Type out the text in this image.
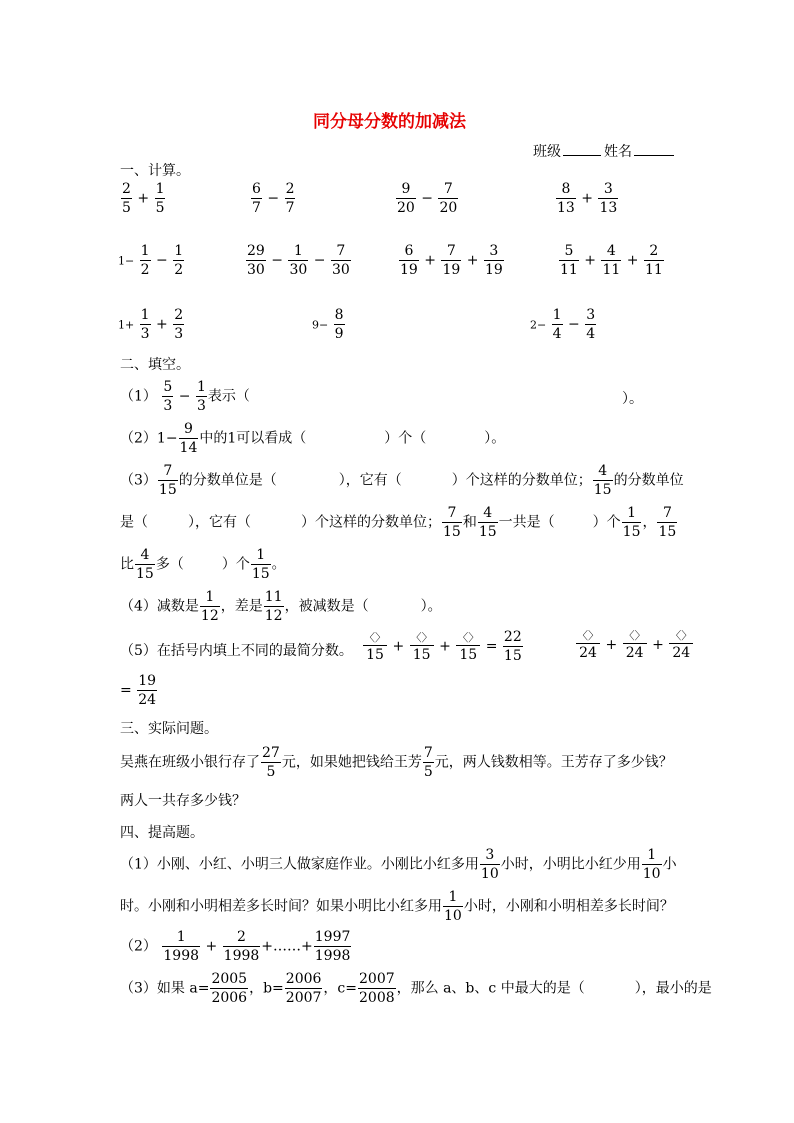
同分母分数的加减法
班级	姓名
一、计算。
$\frac{2}{5} + \frac{1}{5}$	$\frac{6}{7} - \frac{2}{7}$	$\frac{9}{20} - \frac{7}{20}$	$\frac{8}{13} + \frac{3}{13}$
$1- \frac{1}{2} - \frac{1}{2}$	$\frac{29}{30} - \frac{1}{30} - \frac{7}{30}$	$\frac{6}{19} + \frac{7}{19} + \frac{3}{19}$	$\frac{5}{11} + \frac{4}{11} + \frac{2}{11}$
$1+ \frac{1}{3} + \frac{2}{3}$	$9- \frac{8}{9}$	$2- \frac{1}{4} - \frac{3}{4}$
二、填空。
$(1) \frac{5}{3} - \frac{1}{3}$ 表示（	）。
$(2)1- \frac{9}{14}$ 中的1可以看成（	）个（	）。
$(3) \frac{7}{15}$ 的分数单位是（	），它有（	）个这样的分数单位； $\frac{4}{15}$ 的分数单位
是（	），它有（	）个这样的分数单位； $\frac{7}{15}$ 和 $\frac{4}{15}$ 一共是（	）个 $\frac{1}{15}$ ， $\frac{7}{15}$
比 $\frac{4}{15}$ 多（	）个 $\frac{1}{15}$ 。
（4）减数是 $\frac{1}{12}$ ，差是 $\frac{11}{12}$ ，被减数是（	）。
（5）在括号内填上不同的最简分数。 $\frac{〈〉}{15} + \frac{〈〉}{15} + \frac{〈〉}{15} = \frac{22}{15}$	$\frac{〈〉}{24} + \frac{〈〉}{24} + \frac{〈〉}{24}$
= $\frac{19}{24}$
三、实际问题。
吴燕在班级小银行存了 $\frac{27}{5}$ 元，如果她把钱给王芳 $\frac{7}{5}$ 元，两人钱数相等。王芳存了多少钱？
两人一共存多少钱？
四、提高题。
（1）小刚、小红、小明三人做家庭作业。小刚比小红多用 $\frac{3}{10}$ 小时，小明比小红少用 $\frac{1}{10}$ 小
时。小刚和小明相差多长时间？如果小明比小红多用 $\frac{1}{10}$ 小时，小刚和小明相差多长时间？
$(2) \frac{1}{1998} + \frac{2}{1998}$ +……+ $\frac{1997}{1998}$
（3）如果 $a= \frac{2005}{2006}$ ，$b= \frac{2006}{2007}$ ，$c= \frac{2007}{2008}$ ，那么 a、b、c 中最大的是（	），最小的是
